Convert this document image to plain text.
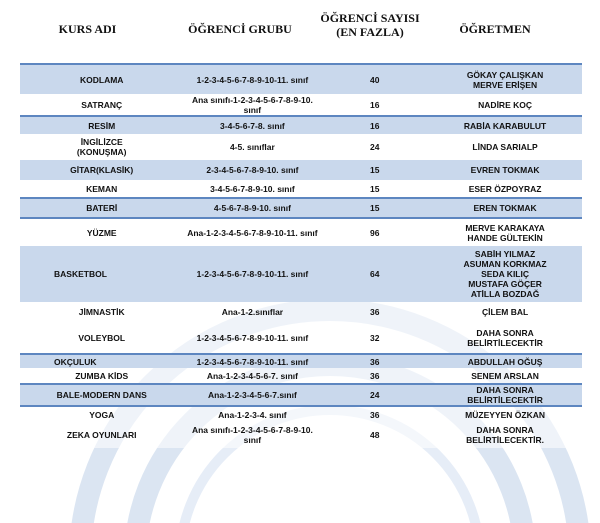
KURS ADI	ÖĞRENCİ GRUBU
ÖĞRENCİ SAYISI
(EN FAZLA)	ÖĞRETMEN
KODLAMA	1-2-3-4-5-6-7-8-9-10-11. sınıf	40	GÖKAY ÇALIŞKAN
MERVE ERİŞEN
SATRANÇ	Ana sınıfı-1-2-3-4-5-6-7-8-9-10.
sınıf	16	NADİRE KOÇ
RESİM	3-4-5-6-7-8. sınıf	16	RABİA KARABULUT
İNGİLİZCE
(KONUŞMA)	4-5. sınıflar	24	LİNDA SARIALP
GİTAR(KLASİK)	2-3-4-5-6-7-8-9-10. sınıf	15	EVREN TOKMAK
KEMAN	3-4-5-6-7-8-9-10. sınıf	15	ESER ÖZPOYRAZ
BATERİ	4-5-6-7-8-9-10. sınıf	15	EREN TOKMAK
YÜZME	Ana-1-2-3-4-5-6-7-8-9-10-11. sınıf	96	MERVE KARAKAYA
HANDE GÜLTEKİN
BASKETBOL	1-2-3-4-5-6-7-8-9-10-11. sınıf	64	SABİH YILMAZ
ASUMAN KORKMAZ
SEDA KILIÇ
MUSTAFA GÖÇER
ATİLLA BOZDAĞ
JİMNASTİK	Ana-1-2.sınıflar	36	ÇİLEM BAL
VOLEYBOL	1-2-3-4-5-6-7-8-9-10-11. sınıf	32	DAHA SONRA
BELİRTİLECEKTİR
OKÇULUK	1-2-3-4-5-6-7-8-9-10-11. sınıf	36	ABDULLAH OĞUŞ
ZUMBA KİDS	Ana-1-2-3-4-5-6-7. sınıf	36	SENEM ARSLAN
BALE-MODERN DANS	Ana-1-2-3-4-5-6-7.sınıf	24	DAHA SONRA
BELİRTİLECEKTİR
YOGA	Ana-1-2-3-4. sınıf	36	MÜZEYYEN ÖZKAN
ZEKA OYUNLARI	Ana sınıfı-1-2-3-4-5-6-7-8-9-10.
sınıf	48	DAHA SONRA
BELİRTİLECEKTİR.
